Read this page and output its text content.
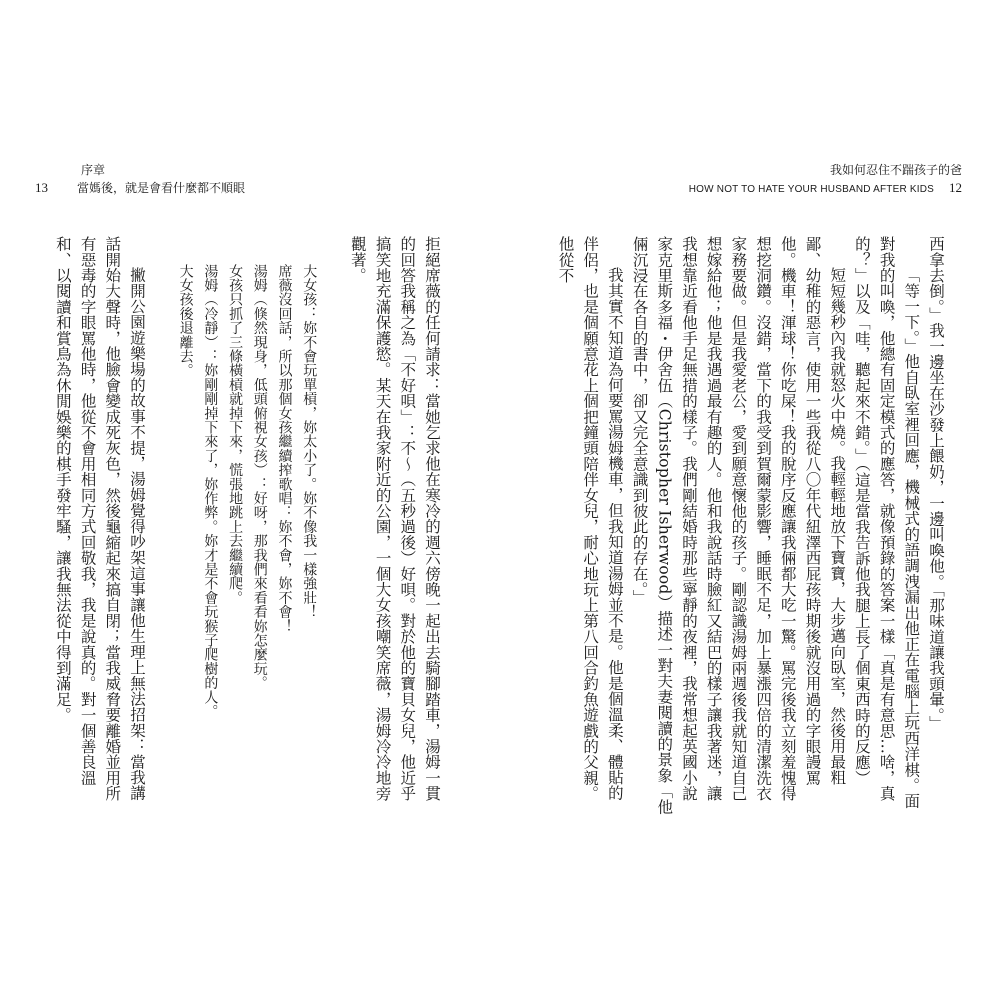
我如何忍住不踹孩子的爸
HOW NOT TO HATE YOUR HUSBAND AFTER KIDS 12

西拿去倒。」我一邊坐在沙發上餵奶，一邊叫喚他。「那味道讓我頭暈。」

「等一下。」他自臥室裡回應，機械式的語調洩漏出他正在電腦上玩西洋棋。面對我的叫喚，他總有固定模式的應答，就像預錄的答案一樣「真是有意思…啥，真的？」以及「哇，聽起來不錯。」（這是當我告訴他我腿上長了個東西時的反應）

短短幾秒內我就怒火中燒。我輕輕地放下寶寶，大步邁向臥室，然後用最粗鄙、幼稚的惡言，使用一些我從八〇年代紐澤西屁孩時期後就沒用過的字眼謾罵他。機車！渾球！你吃屎！我的脫序反應讓我倆都大吃一驚。罵完後我立刻羞愧得想挖洞鑽。沒錯，當下的我受到賀爾蒙影響，睡眠不足，加上暴漲四倍的清潔洗衣家務要做。但是我愛老公，愛到願意懷他的孩子。剛認識湯姆兩週後我就知道自己想嫁給他；他是我遇過最有趣的人。他和我說話時臉紅又結巴的樣子讓我著迷，讓我想靠近看他手足無措的樣子。我們剛結婚時那些寧靜的夜裡，我常想起英國小說家克里斯多福・伊舍伍（Christopher Isherwood）描述一對夫妻閱讀的景象「他倆沉浸在各自的書中，卻又完全意識到彼此的存在。」

我其實不知道為何要罵湯姆機車，但我知道湯姆並不是。他是個溫柔、體貼的伴侶，也是個願意花上個把鐘頭陪伴女兒，耐心地玩上第八回合釣魚遊戲的父親。他從不

序章
13 當媽後，就是會看什麼都不順眼

拒絕席薇的任何請求：當她乞求他在寒冷的週六傍晚一起出去騎腳踏車，湯姆一貫的回答我稱之為「不好唄」：不～（五秒過後）好唄。對於他的寶貝女兒，他近乎搞笑地充滿保護慾。某天在我家附近的公園，一個大女孩嘲笑席薇，湯姆冷冷地旁觀著。

大女孩：妳不會玩單槓，妳太小了。妳不像我一樣強壯！

席薇沒回話，所以那個女孩繼續搾歌唱：妳不會，妳不會！

湯姆（倏然現身，低頭俯視女孩）：好呀，那我們來看看妳怎麼玩。

女孩只抓了三條橫槓就掉下來，慌張地跳上去繼續爬。

湯姆（冷靜）：妳剛剛掉下來了，妳作弊。妳才是不會玩猴子爬樹的人。

大女孩後退離去。

撇開公園遊樂場的故事不提，湯姆覺得吵架這事讓他生理上無法招架：當我講話開始大聲時，他臉會變成死灰色，然後龜縮起來搞自閉；當我威脅要離婚並用所有惡毒的字眼罵他時，他從不會用相同方式回敬我，我是說真的。對一個善良溫和、以閱讀和賞鳥為休閒娛樂的棋手發牢騷，讓我無法從中得到滿足。
